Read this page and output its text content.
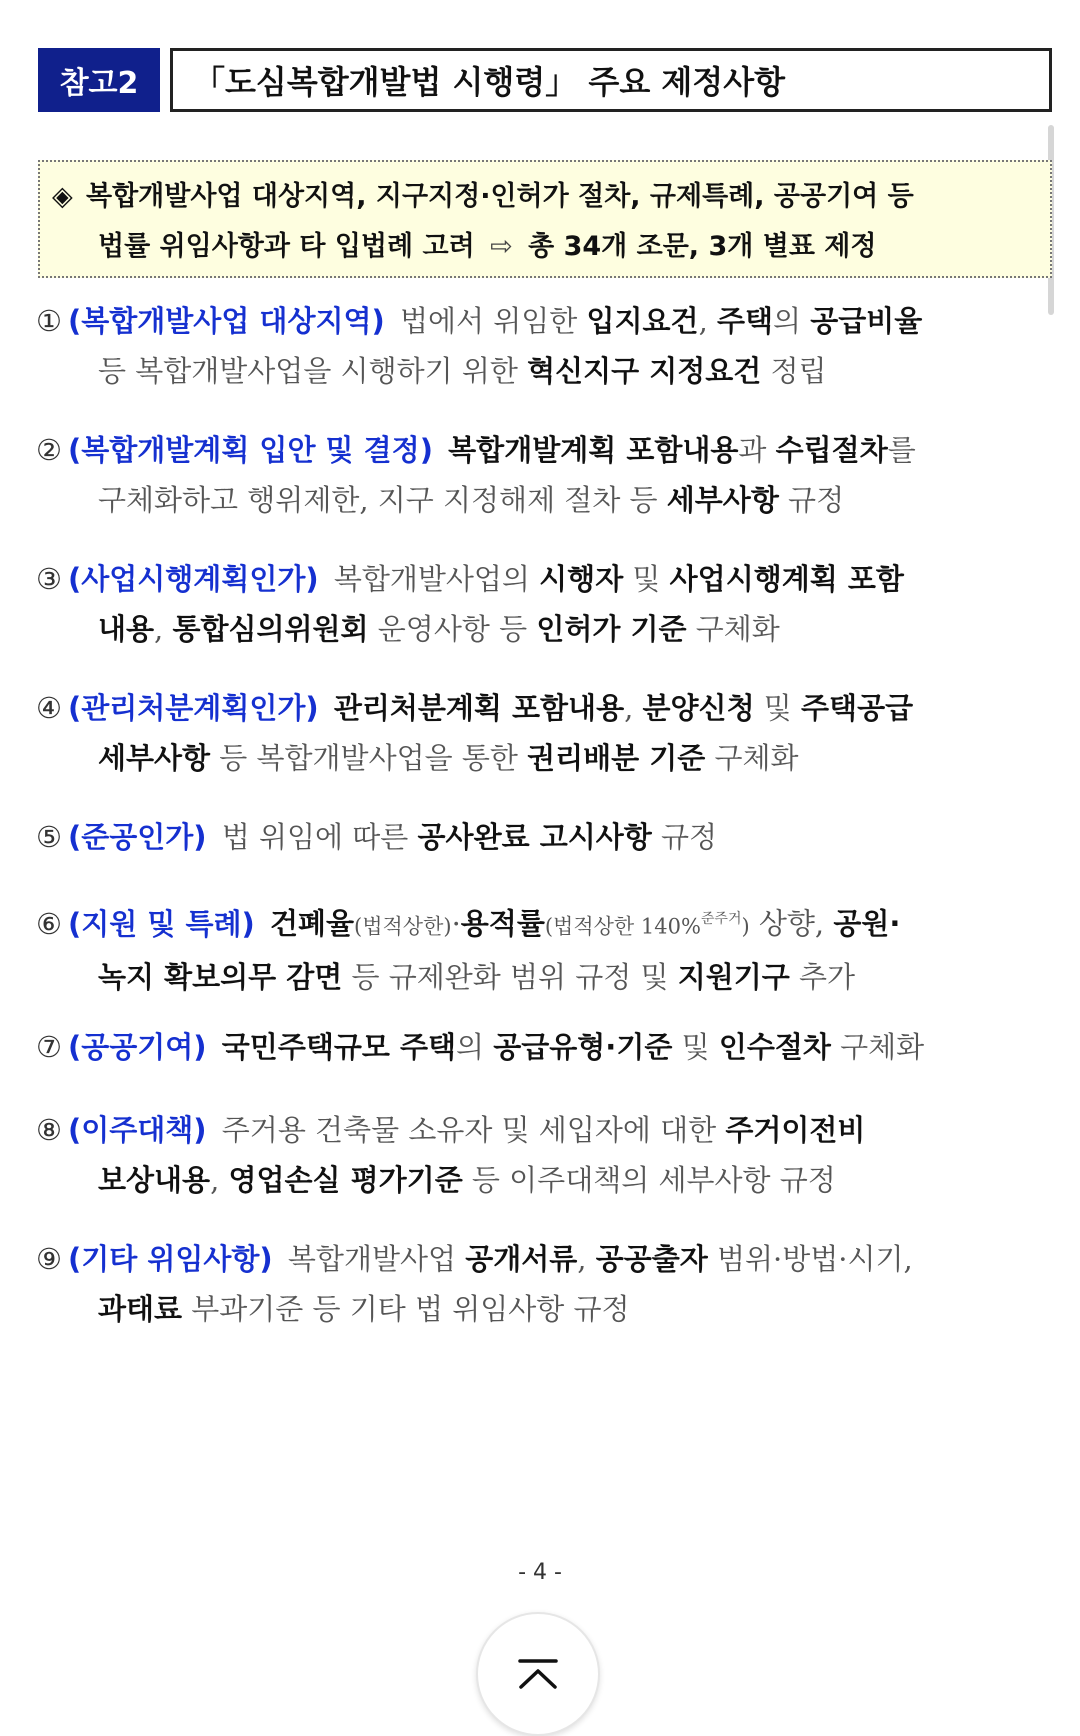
참고2	「도심복합개발법 시행령」 주요 제정사항
◈ 복합개발사업 대상지역, 지구지정·인허가 절차, 규제특례, 공공기여 등
법률 위임사항과 타 입법례 고려 ⇨ 총 34개 조문, 3개 별표 제정
① (복합개발사업 대상지역) 법에서 위임한 입지요건, 주택의 공급비율
등 복합개발사업을 시행하기 위한 혁신지구 지정요건 정립
② (복합개발계획 입안 및 결정) 복합개발계획 포함내용과 수립절차를
구체화하고 행위제한, 지구 지정해제 절차 등 세부사항 규정
③ (사업시행계획인가) 복합개발사업의 시행자 및 사업시행계획 포함
내용, 통합심의위원회 운영사항 등 인허가 기준 구체화
④ (관리처분계획인가) 관리처분계획 포함내용, 분양신청 및 주택공급
세부사항 등 복합개발사업을 통한 권리배분 기준 구체화
⑤ (준공인가) 법 위임에 따른 공사완료 고시사항 규정
⑥ (지원 및 특례) 건폐율(법적상한)·용적률(법적상한 140%$^{준주거}$) 상향, 공원·
녹지 확보의무 감면 등 규제완화 범위 규정 및 지원기구 추가
⑦ (공공기여) 국민주택규모 주택의 공급유형·기준 및 인수절차 구체화
⑧ (이주대책) 주거용 건축물 소유자 및 세입자에 대한 주거이전비
보상내용, 영업손실 평가기준 등 이주대책의 세부사항 규정
⑨ (기타 위임사항) 복합개발사업 공개서류, 공공출자 범위·방법·시기,
과태료 부과기준 등 기타 법 위임사항 규정
- 4 -
